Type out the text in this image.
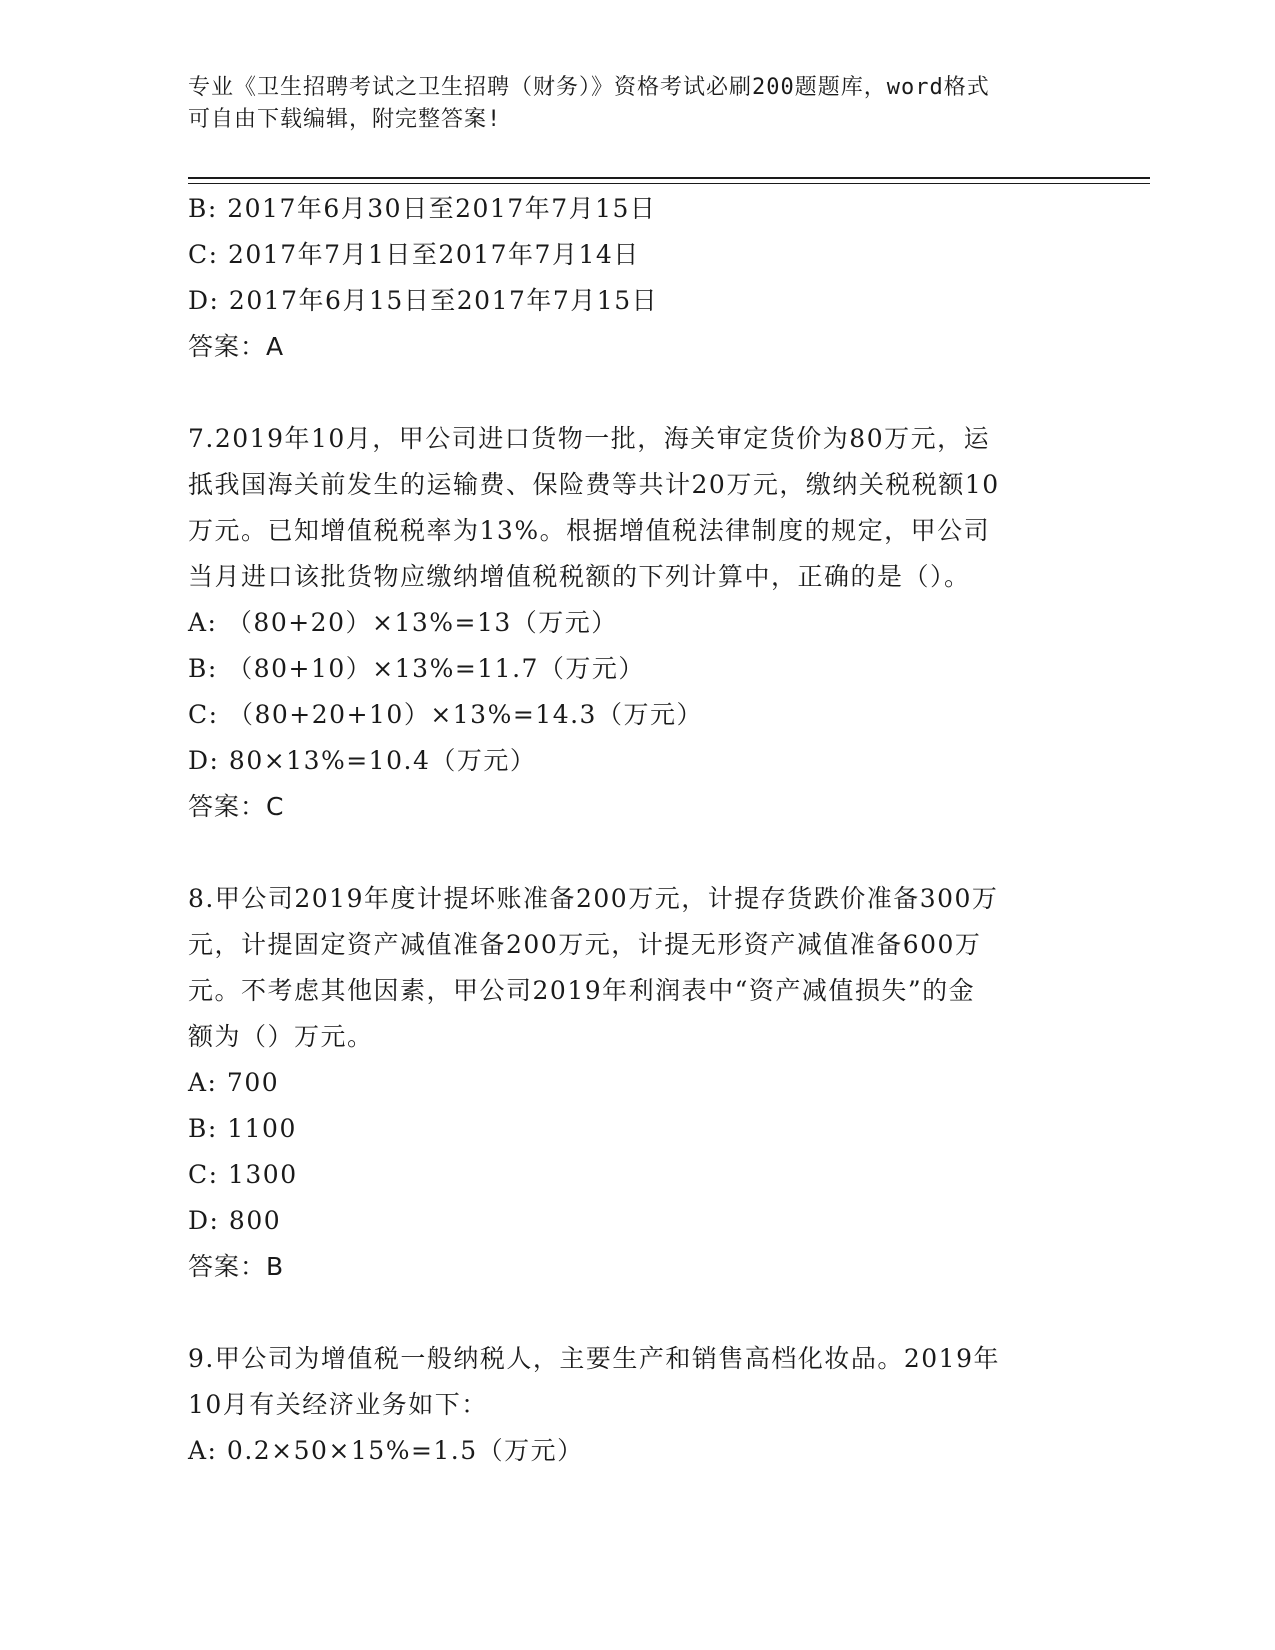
专业《卫生招聘考试之卫生招聘（财务）》资格考试必刷200题题库，word格式
可自由下载编辑，附完整答案!
B: 2017年6月30日至2017年7月15日
C: 2017年7月1日至2017年7月14日
D: 2017年6月15日至2017年7月15日
答案：A
7.2019年10月，甲公司进口货物一批，海关审定货价为80万元，运
抵我国海关前发生的运输费、保险费等共计20万元，缴纳关税税额10
万元。已知增值税税率为13%。根据增值税法律制度的规定，甲公司
当月进口该批货物应缴纳增值税税额的下列计算中，正确的是（）。
A: （80+20）×13%=13（万元）
B: （80+10）×13%=11.7（万元）
C: （80+20+10）×13%=14.3（万元）
D: 80×13%=10.4（万元）
答案：C
8.甲公司2019年度计提坏账准备200万元，计提存货跌价准备300万
元，计提固定资产减值准备200万元，计提无形资产减值准备600万
元。不考虑其他因素，甲公司2019年利润表中“资产减值损失”的金
额为（）万元。
A: 700
B: 1100
C: 1300
D: 800
答案：B
9.甲公司为增值税一般纳税人，主要生产和销售高档化妆品。2019年
10月有关经济业务如下：
A: 0.2×50×15%=1.5（万元）
